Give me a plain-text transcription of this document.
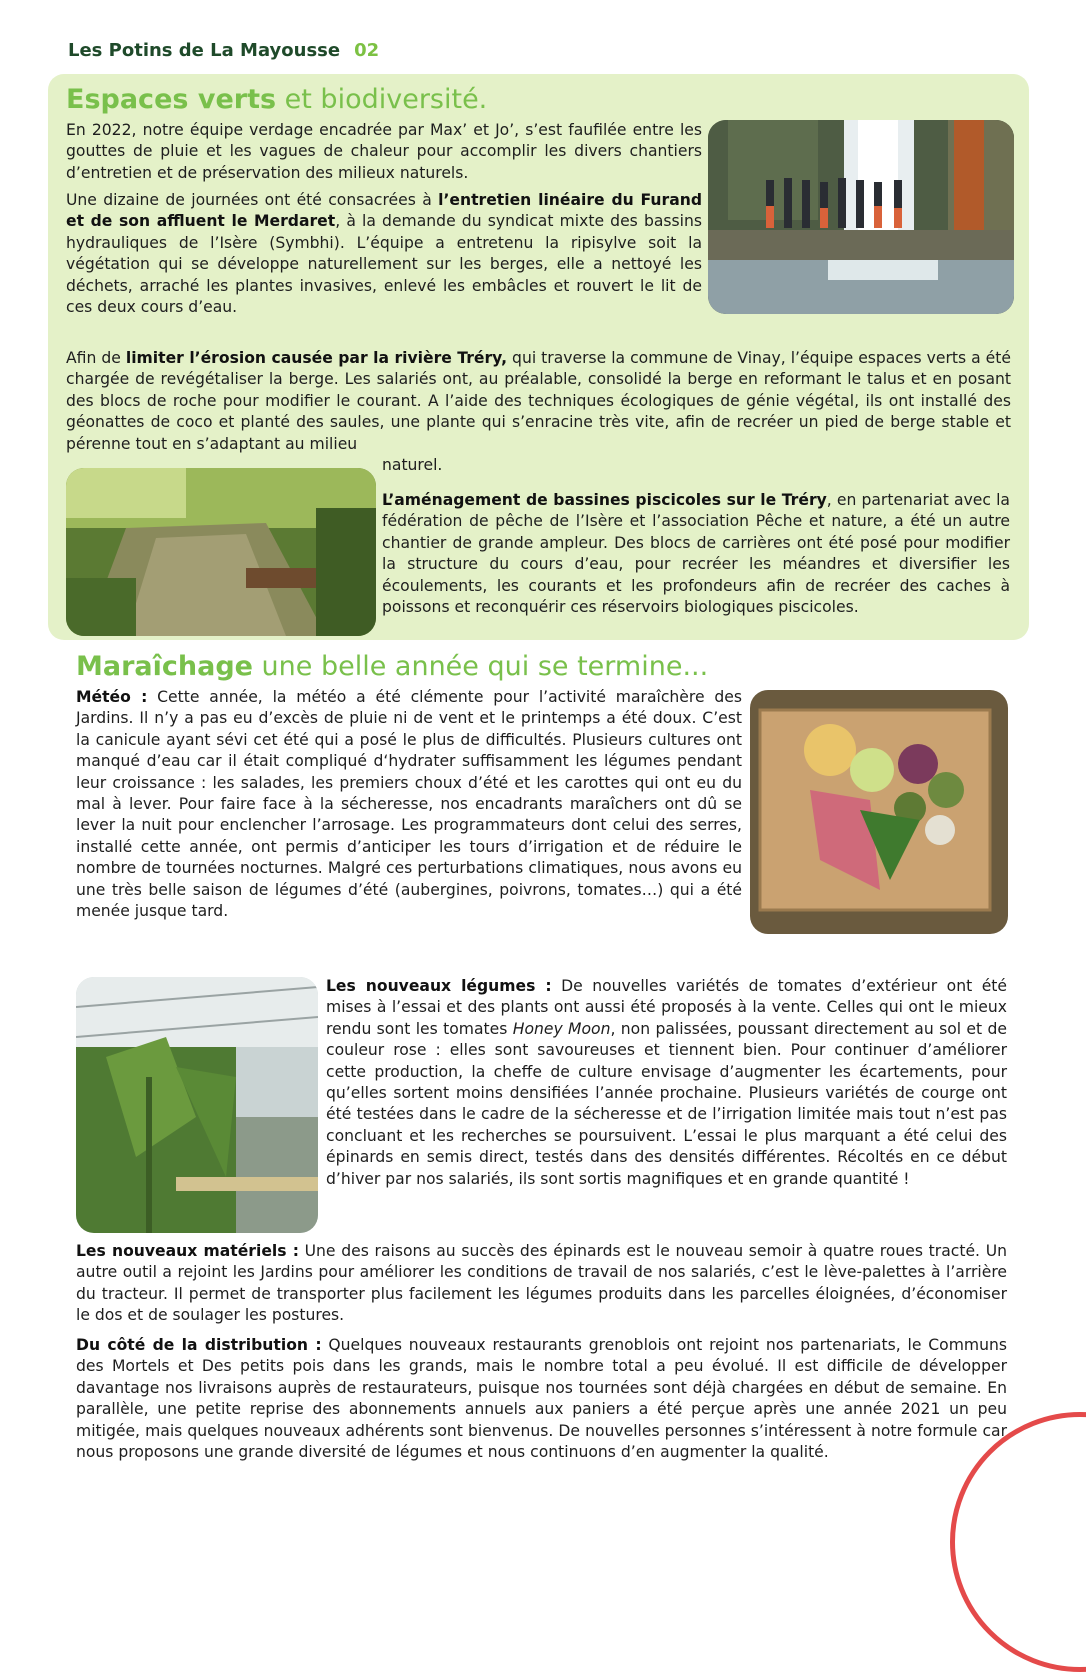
Les Potins de La Mayousse 02
Espaces verts et biodiversité.

En 2022, notre équipe verdage encadrée par Max’ et Jo’, s’est faufilée entre les gouttes de pluie et les vagues de chaleur pour accomplir les divers chantiers d’entretien et de préservation des milieux naturels.

Une dizaine de journées ont été consacrées à l’entretien linéaire du Furand et de son affluent le Merdaret, à la demande du syndicat mixte des bassins hydrauliques de l’Isère (Symbhi). L’équipe a entretenu la ripisylve soit la végétation qui se développe naturellement sur les berges, elle a nettoyé les déchets, arraché les plantes invasives, enlevé les embâcles et rouvert le lit de ces deux cours d’eau.

Afin de limiter l’érosion causée par la rivière Tréry, qui traverse la commune de Vinay, l’équipe espaces verts a été chargée de revégétaliser la berge. Les salariés ont, au préalable, consolidé la berge en reformant le talus et en posant des blocs de roche pour modifier le courant. A l’aide des techniques écologiques de génie végétal, ils ont installé des géonattes de coco et planté des saules, une plante qui s’enracine très vite, afin de recréer un pied de berge stable et pérenne tout en s’adaptant au milieu

naturel.

L’aménagement de bassines piscicoles sur le Tréry, en partenariat avec la fédération de pêche de l’Isère et l’association Pêche et nature, a été un autre chantier de grande ampleur. Des blocs de carrières ont été posé pour modifier la structure du cours d’eau, pour recréer les méandres et diversifier les écoulements, les courants et les profondeurs afin de recréer des caches à poissons et reconquérir ces réservoirs biologiques piscicoles.

Maraîchage une belle année qui se termine...

Météo : Cette année, la météo a été clémente pour l’activité maraîchère des Jardins. Il n’y a pas eu d’excès de pluie ni de vent et le printemps a été doux. C’est la canicule ayant sévi cet été qui a posé le plus de difficultés. Plusieurs cultures ont manqué d’eau car il était compliqué d‘hydrater suffisamment les légumes pendant leur croissance : les salades, les premiers choux d’été et les carottes qui ont eu du mal à lever. Pour faire face à la sécheresse, nos encadrants maraîchers ont dû se lever la nuit pour enclencher l’arrosage. Les programmateurs dont celui des serres, installé cette année, ont permis d’anticiper les tours d’irrigation et de réduire le nombre de tournées nocturnes. Malgré ces perturbations climatiques, nous avons eu une très belle saison de légumes d’été (aubergines, poivrons, tomates…) qui a été menée jusque tard.

Les nouveaux légumes : De nouvelles variétés de tomates d’extérieur ont été mises à l’essai et des plants ont aussi été proposés à la vente. Celles qui ont le mieux rendu sont les tomates Honey Moon, non palissées, poussant directement au sol et de couleur rose : elles sont savoureuses et tiennent bien. Pour continuer d’améliorer cette production, la cheffe de culture envisage d’augmenter les écartements, pour qu’elles sortent moins densifiées l’année prochaine. Plusieurs variétés de courge ont été testées dans le cadre de la sécheresse et de l’irrigation limitée mais tout n’est pas concluant et les recherches se poursuivent. L’essai le plus marquant a été celui des épinards en semis direct, testés dans des densités différentes. Récoltés en ce début d’hiver par nos salariés, ils sont sortis magnifiques et en grande quantité !

Les nouveaux matériels : Une des raisons au succès des épinards est le nouveau semoir à quatre roues tracté. Un autre outil a rejoint les Jardins pour améliorer les conditions de travail de nos salariés, c’est le lève-palettes à l’arrière du tracteur. Il permet de transporter plus facilement les légumes produits dans les parcelles éloignées, d’économiser le dos et de soulager les postures.

Du côté de la distribution : Quelques nouveaux restaurants grenoblois ont rejoint nos partenariats, le Communs des Mortels et Des petits pois dans les grands, mais le nombre total a peu évolué. Il est difficile de développer davantage nos livraisons auprès de restaurateurs, puisque nos tournées sont déjà chargées en début de semaine. En parallèle, une petite reprise des abonnements annuels aux paniers a été perçue après une année 2021 un peu mitigée, mais quelques nouveaux adhérents sont bienvenus. De nouvelles personnes s’intéressent à notre formule car nous proposons une grande diversité de légumes et nous continuons d’en augmenter la qualité.
